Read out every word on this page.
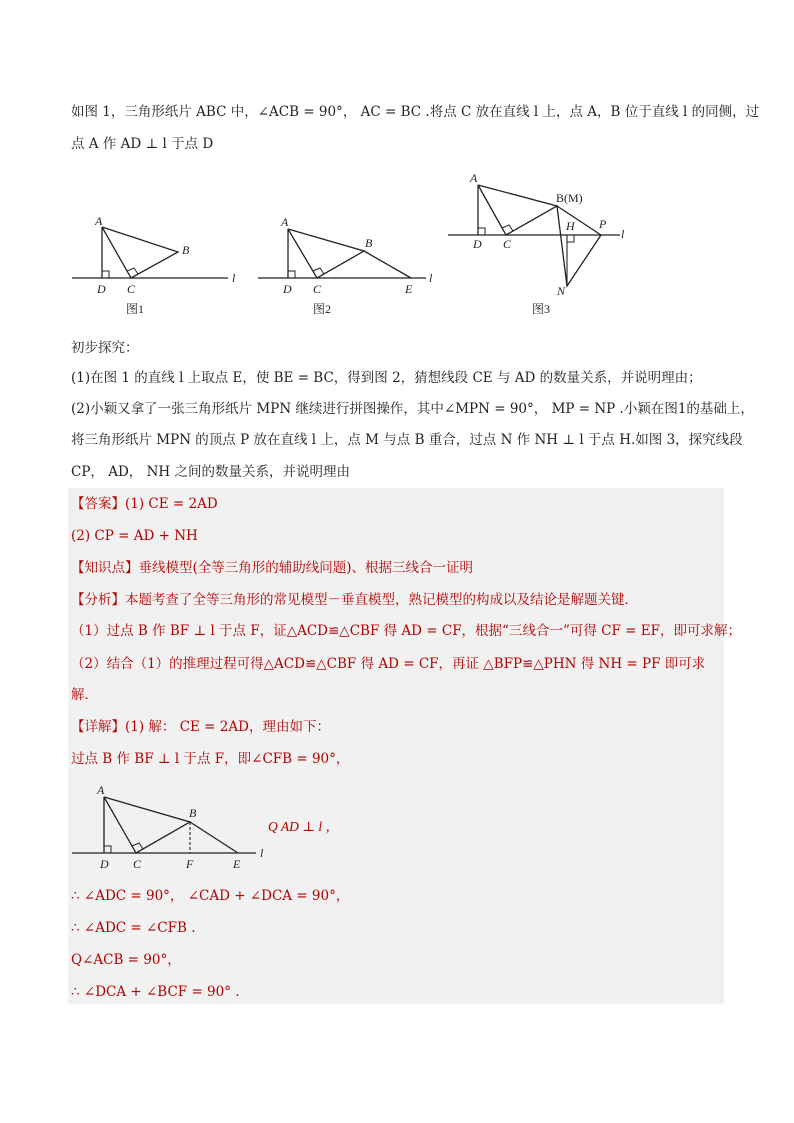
如图 1，三角形纸片 ABC 中，∠ACB = 90°， AC = BC .将点 C 放在直线 l 上，点 A，B 位于直线 l 的同侧，过
点 A 作 AD ⊥ l 于点 D
A
B
C
D
l
图1
A
B
C
D	E
l
图2
A
B(M)
C
D
H P
l
N
图3
初步探究：
(1)在图 1 的直线 l 上取点 E，使 BE = BC，得到图 2，猜想线段 CE 与 AD 的数量关系，并说明理由；
(2)小颖又拿了一张三角形纸片 MPN 继续进行拼图操作，其中∠MPN = 90°， MP = NP .小颖在图1的基础上，
将三角形纸片 MPN 的顶点 P 放在直线 l 上，点 M 与点 B 重合，过点 N 作 NH ⊥ l 于点 H.如图 3，探究线段
CP， AD， NH 之间的数量关系，并说明理由
【答案】(1) CE = 2AD
(2) CP = AD + NH
【知识点】垂线模型(全等三角形的辅助线问题)、根据三线合一证明
【分析】本题考查了全等三角形的常见模型－垂直模型，熟记模型的构成以及结论是解题关键．
（1）过点 B 作 BF ⊥ l 于点 F，证△ACD≌△CBF 得 AD = CF，根据“三线合一”可得 CF = EF，即可求解；
（2）结合（1）的推理过程可得△ACD≌△CBF 得 AD = CF，再证 △BFP≌△PHN 得 NH = PF 即可求
解．
【详解】(1) 解： CE = 2AD，理由如下：
过点 B 作 BF ⊥ l 于点 F，即∠CFB = 90°，
A
B
C
D	F	E
l
Q AD ⊥ l ，
∴ ∠ADC = 90°， ∠CAD + ∠DCA = 90°，
∴ ∠ADC = ∠CFB .
Q∠ACB = 90°，
∴ ∠DCA + ∠BCF = 90° .
